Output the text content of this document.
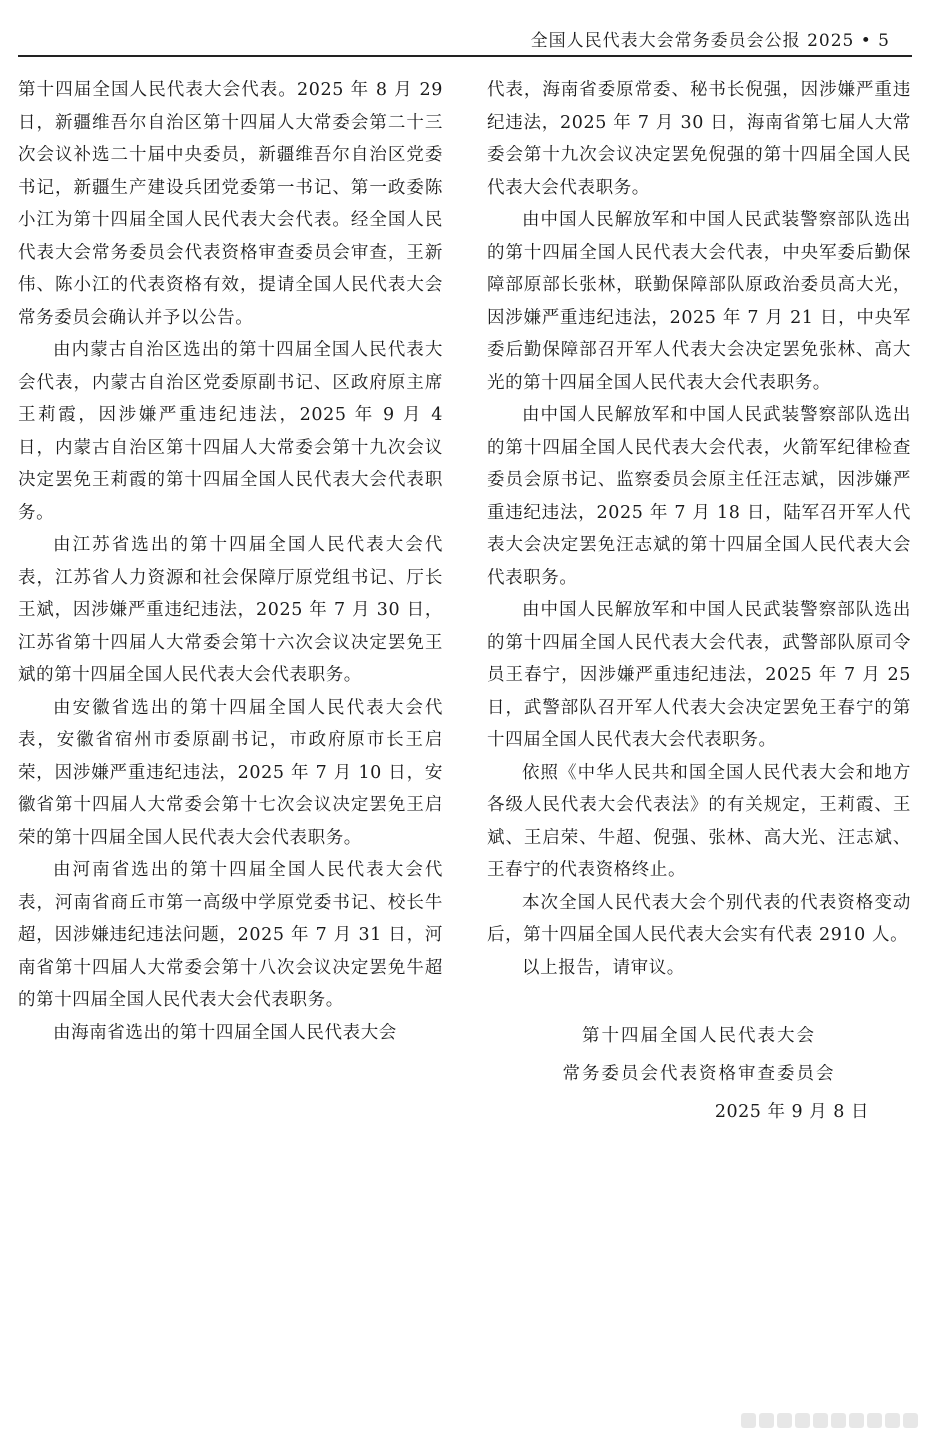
全国人民代表大会常务委员会公报 2025 • 5

第十四届全国人民代表大会代表。2025 年 8 月 29 日，新疆维吾尔自治区第十四届人大常委会第二十三次会议补选二十届中央委员，新疆维吾尔自治区党委书记，新疆生产建设兵团党委第一书记、第一政委陈小江为第十四届全国人民代表大会代表。经全国人民代表大会常务委员会代表资格审查委员会审查，王新伟、陈小江的代表资格有效，提请全国人民代表大会常务委员会确认并予以公告。

由内蒙古自治区选出的第十四届全国人民代表大会代表，内蒙古自治区党委原副书记、区政府原主席王莉霞，因涉嫌严重违纪违法，2025 年 9 月 4 日，内蒙古自治区第十四届人大常委会第十九次会议决定罢免王莉霞的第十四届全国人民代表大会代表职务。

由江苏省选出的第十四届全国人民代表大会代表，江苏省人力资源和社会保障厅原党组书记、厅长王斌，因涉嫌严重违纪违法，2025 年 7 月 30 日，江苏省第十四届人大常委会第十六次会议决定罢免王斌的第十四届全国人民代表大会代表职务。

由安徽省选出的第十四届全国人民代表大会代表，安徽省宿州市委原副书记，市政府原市长王启荣，因涉嫌严重违纪违法，2025 年 7 月 10 日，安徽省第十四届人大常委会第十七次会议决定罢免王启荣的第十四届全国人民代表大会代表职务。

由河南省选出的第十四届全国人民代表大会代表，河南省商丘市第一高级中学原党委书记、校长牛超，因涉嫌违纪违法问题，2025 年 7 月 31 日，河南省第十四届人大常委会第十八次会议决定罢免牛超的第十四届全国人民代表大会代表职务。

由海南省选出的第十四届全国人民代表大会

代表，海南省委原常委、秘书长倪强，因涉嫌严重违纪违法，2025 年 7 月 30 日，海南省第七届人大常委会第十九次会议决定罢免倪强的第十四届全国人民代表大会代表职务。

由中国人民解放军和中国人民武装警察部队选出的第十四届全国人民代表大会代表，中央军委后勤保障部原部长张林，联勤保障部队原政治委员高大光，因涉嫌严重违纪违法，2025 年 7 月 21 日，中央军委后勤保障部召开军人代表大会决定罢免张林、高大光的第十四届全国人民代表大会代表职务。

由中国人民解放军和中国人民武装警察部队选出的第十四届全国人民代表大会代表，火箭军纪律检查委员会原书记、监察委员会原主任汪志斌，因涉嫌严重违纪违法，2025 年 7 月 18 日，陆军召开军人代表大会决定罢免汪志斌的第十四届全国人民代表大会代表职务。

由中国人民解放军和中国人民武装警察部队选出的第十四届全国人民代表大会代表，武警部队原司令员王春宁，因涉嫌严重违纪违法，2025 年 7 月 25 日，武警部队召开军人代表大会决定罢免王春宁的第十四届全国人民代表大会代表职务。

依照《中华人民共和国全国人民代表大会和地方各级人民代表大会代表法》的有关规定，王莉霞、王斌、王启荣、牛超、倪强、张林、高大光、汪志斌、王春宁的代表资格终止。

本次全国人民代表大会个别代表的代表资格变动后，第十四届全国人民代表大会实有代表 2910 人。

以上报告，请审议。

第十四届全国人民代表大会
常务委员会代表资格审查委员会
2025 年 9 月 8 日
